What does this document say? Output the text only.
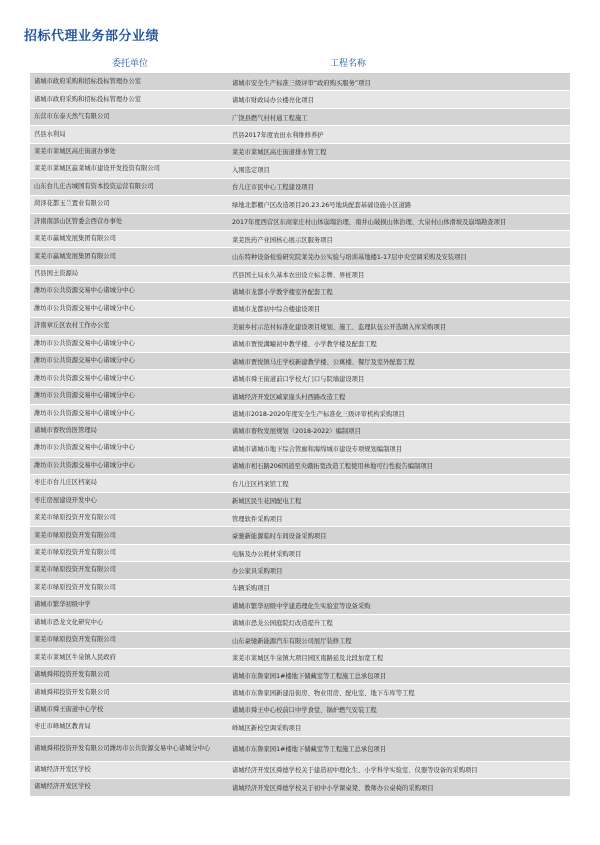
招标代理业务部分业绩
委托单位	工程名称
诸城市政府采购和招标投标管理办公室	诸城市安全生产标准三级评审“政府购买服务”项目
诸城市政府采购和招标投标管理办公室	诸城市财政局办公楼亮化项目
东营市东泰天然气有限公司	广饶县燃气村村通工程施工
莒县水利局	莒县2017年度农田水利维修养护
莱芜市莱城区高庄街道办事处	莱芜市莱城区高庄街道排水管工程
莱芜市莱城区嬴莱城市建设开发投资有限公司	入围选定项目
山东台儿庄古城国有资本投资运营有限公司	台儿庄市民中心工程建设项目
菏泽花都玉兰置业有限公司	绿地北都棚户区改造项目20.23.26号地块配套基础设施小区道路
济南南部山区管委会西营办事处	2017年度西营区东商家庄村山体崩塌治理、南井山破损山体治理、大泉村山体滑坡及崩塌勘查项目
莱芜市赢城发展集团有限公司	莱芜医药产业园核心展示区服务项目
莱芜市赢城发展集团有限公司	山东特种设备检验研究院莱芜办公实验与培训基地楼1-17层中央空调采购及安装项目
莒县国土资源局	莒县国土局永久基本农田设立标志牌、界桩项目
潍坊市公共资源交易中心诸城分中心	诸城市龙都小学教学楼室外配套工程
潍坊市公共资源交易中心诸城分中心	诸城市龙都初中综合楼建设项目
济南章丘区农村工作办公室	美丽乡村示范村标准化建设项目规划、施工、监理队伍公开选聘入库采购项目
潍坊市公共资源交易中心诸城分中心	诸城市贾悦溝疃初中教学楼、小学教学楼及配套工程
潍坊市公共资源交易中心诸城分中心	诸城市贾悦镇马庄学校新建教学楼、公寓楼、餐厅及室外配套工程
潍坊市公共资源交易中心诸城分中心	诸城市舜王街道前口学校大门口与院墙建设项目
潍坊市公共资源交易中心诸城分中心	诸城经济开发区臧家崖头村西路改造工程
潍坊市公共资源交易中心诸城分中心	诸城市2018-2020年度安全生产标准化三级评审机构采购项目
诸城市畜牧兽医管理局	诸城市畜牧发展规划（2018-2022）编制项目
潍坊市公共资源交易中心诸城分中心	诸城市诸城市地下综合管廊和海绵城市建设专项规划编制项目
潍坊市公共资源交易中心诸城分中心	诸城市相石路206国道至央赣拓宽改造工程使用林地可行性报告编制项目
枣庄市台儿庄区档案局	台儿庄区档案馆工程
枣庄房屋建设开发中心	新城区民生花园配电工程
莱芜市绿原投资开发有限公司	管理软件采购项目
莱芜市绿原投资开发有限公司	豪驰新能源临时车间设备采购项目
莱芜市绿原投资开发有限公司	电脑及办公耗材采购项目
莱芜市绿原投资开发有限公司	办公家具采购项目
莱芜市绿原投资开发有限公司	车辆采购项目
诸城市繁华初级中学	诸城市繁华初级中学建造理化生实验室等设备采购
诸城市恐龙文化研究中心	诸城市恐龙公园庭院灯改造提升工程
莱芜市绿原投资开发有限公司	山东豪驰新能源汽车有限公司展厅装修工程
莱芜市莱城区牛泉镇人民政府	莱芜市莱城区牛泉镇大项目园区南路延及北段加宽工程
诸城舜邦投资开发有限公司	诸城市东鲁家园1#楼地下储藏室等工程施工总承包项目
诸城舜邦投资开发有限公司	诸城市东鲁家园新建沿街房、物业用房、配电室、地下车库等工程
诸城市舜王街道中心学校	诸城市舜王中心校前口中学食堂、锅炉燃气安装工程
枣庄市峄城区教育局	峄城区新校空调采购项目
诸城舜邦投资开发有限公司潍坊市公共资源交易中心诸城分中心	诸城市东鲁家园1#楼地下储藏室等工程施工总承包项目
诸城经济开发区学校	诸城经济开发区舜德学校关于建造初中理化生、小学科学实验室、仪器等设备的采购项目
诸城经济开发区学校	诸城经济开发区舜德学校关于初中小学课桌凳、教师办公桌椅的采购项目
